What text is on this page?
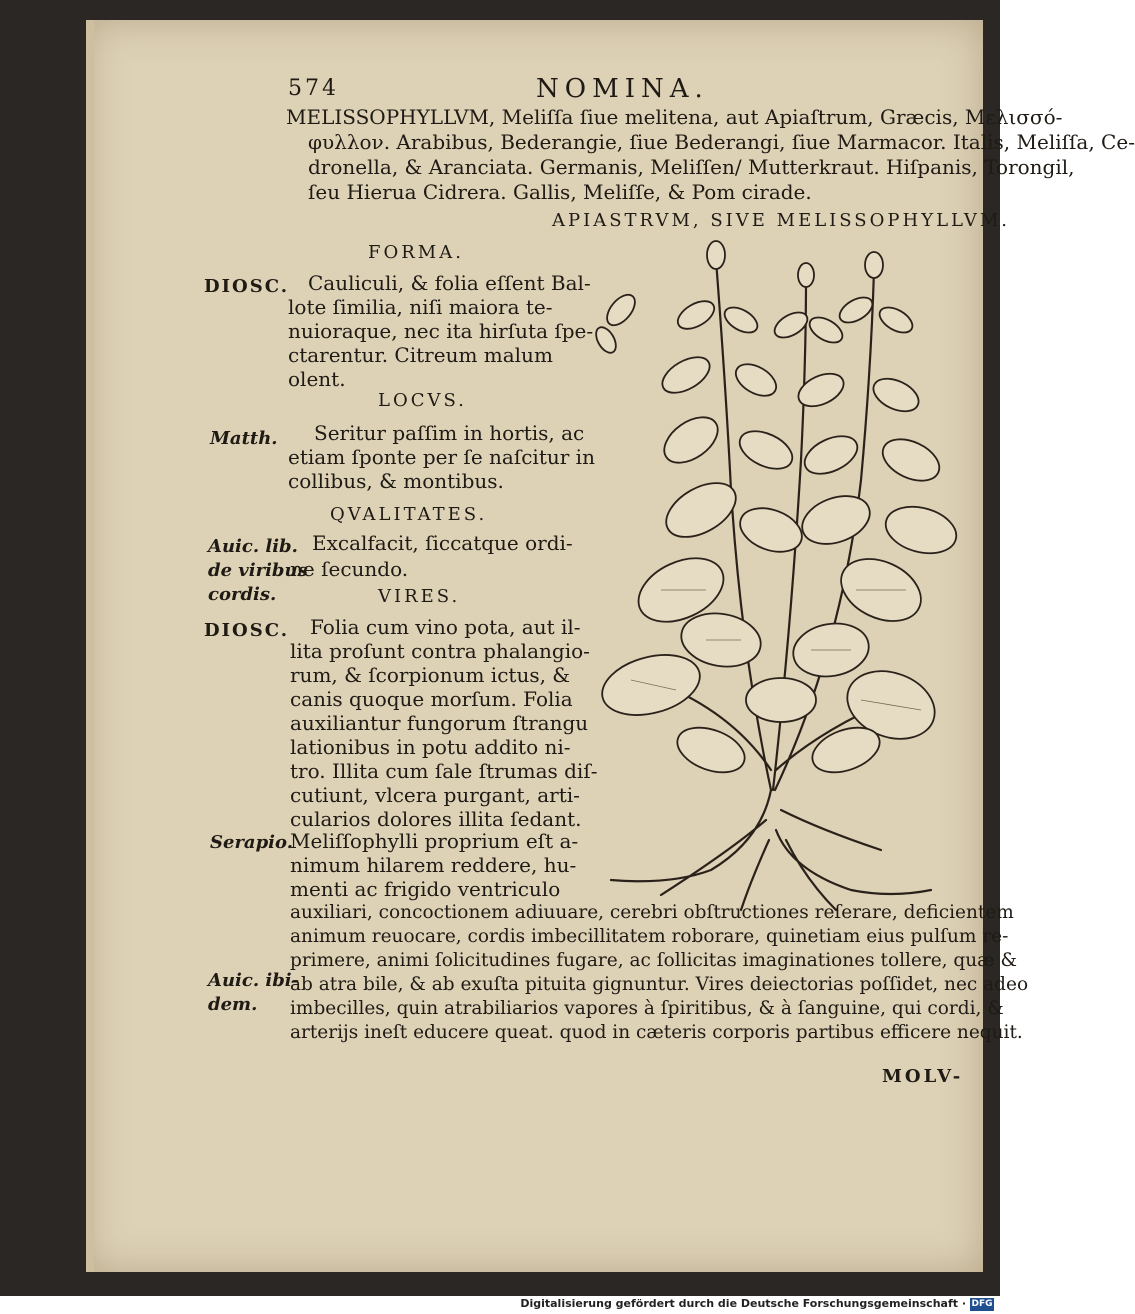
574	NOMINA.
MELISSOPHYLLVM, Meliſſa ſiue melitena, aut Apiaſtrum, Græcis, Μελισσό-
φυλλον. Arabibus, Bederangie, ſiue Bederangi, ſiue Marmacor. Italis, Meliſſa, Ce-
dronella, & Aranciata. Germanis, Meliſſen/ Mutterkraut. Hiſpanis, Torongil,
ſeu Hierua Cidrera. Gallis, Meliſſe, & Pom cirade.
APIASTRVM, SIVE MELISSOPHYLLVM.
FORMA.
DIOSC. Cauliculi, & folia eſſent Bal-
lote ſimilia, niſi maiora te-
nuioraque, nec ita hirſuta ſpe-
ctarentur. Citreum malum
olent.
LOCVS.
Matth. Seritur paſſim in hortis, ac
etiam ſponte per ſe naſcitur in
collibus, & montibus.
QVALITATES.
Auic. lib.
de viribus
cordis.
Excalfacit, ſiccatque ordi-
ne ſecundo.
VIRES.
DIOSC. Folia cum vino pota, aut il-
lita proſunt contra phalangio-
rum, & ſcorpionum ictus, &
canis quoque morſum. Folia
auxiliantur fungorum ſtrangu
lationibus in potu addito ni-
tro. Illita cum ſale ſtrumas diſ-
cutiunt, vlcera purgant, arti-
cularios dolores illita ſedant.
Serapio.
Meliſſophylli proprium eſt a-
nimum hilarem reddere, hu-
menti ac frigido ventriculo
auxiliari, concoctionem adiuuare, cerebri obſtructiones reſerare, deficientem
animum reuocare, cordis imbecillitatem roborare, quinetiam eius pulſum re-
primere, animi ſolicitudines fugare, ac ſollicitas imaginationes tollere, quæ &
ab atra bile, & ab exuſta pituita gignuntur. Vires deiectorias poſſidet, nec adeo
imbecilles, quin atrabiliarios vapores à ſpiritibus, & à ſanguine, qui cordi, &
arterijs ineſt educere queat. quod in cæteris corporis partibus efficere nequit.
Auic. ibi-
dem.
MOLV-
Digitalisierung gefördert durch die Deutsche Forschungsgemeinschaft · DFG
